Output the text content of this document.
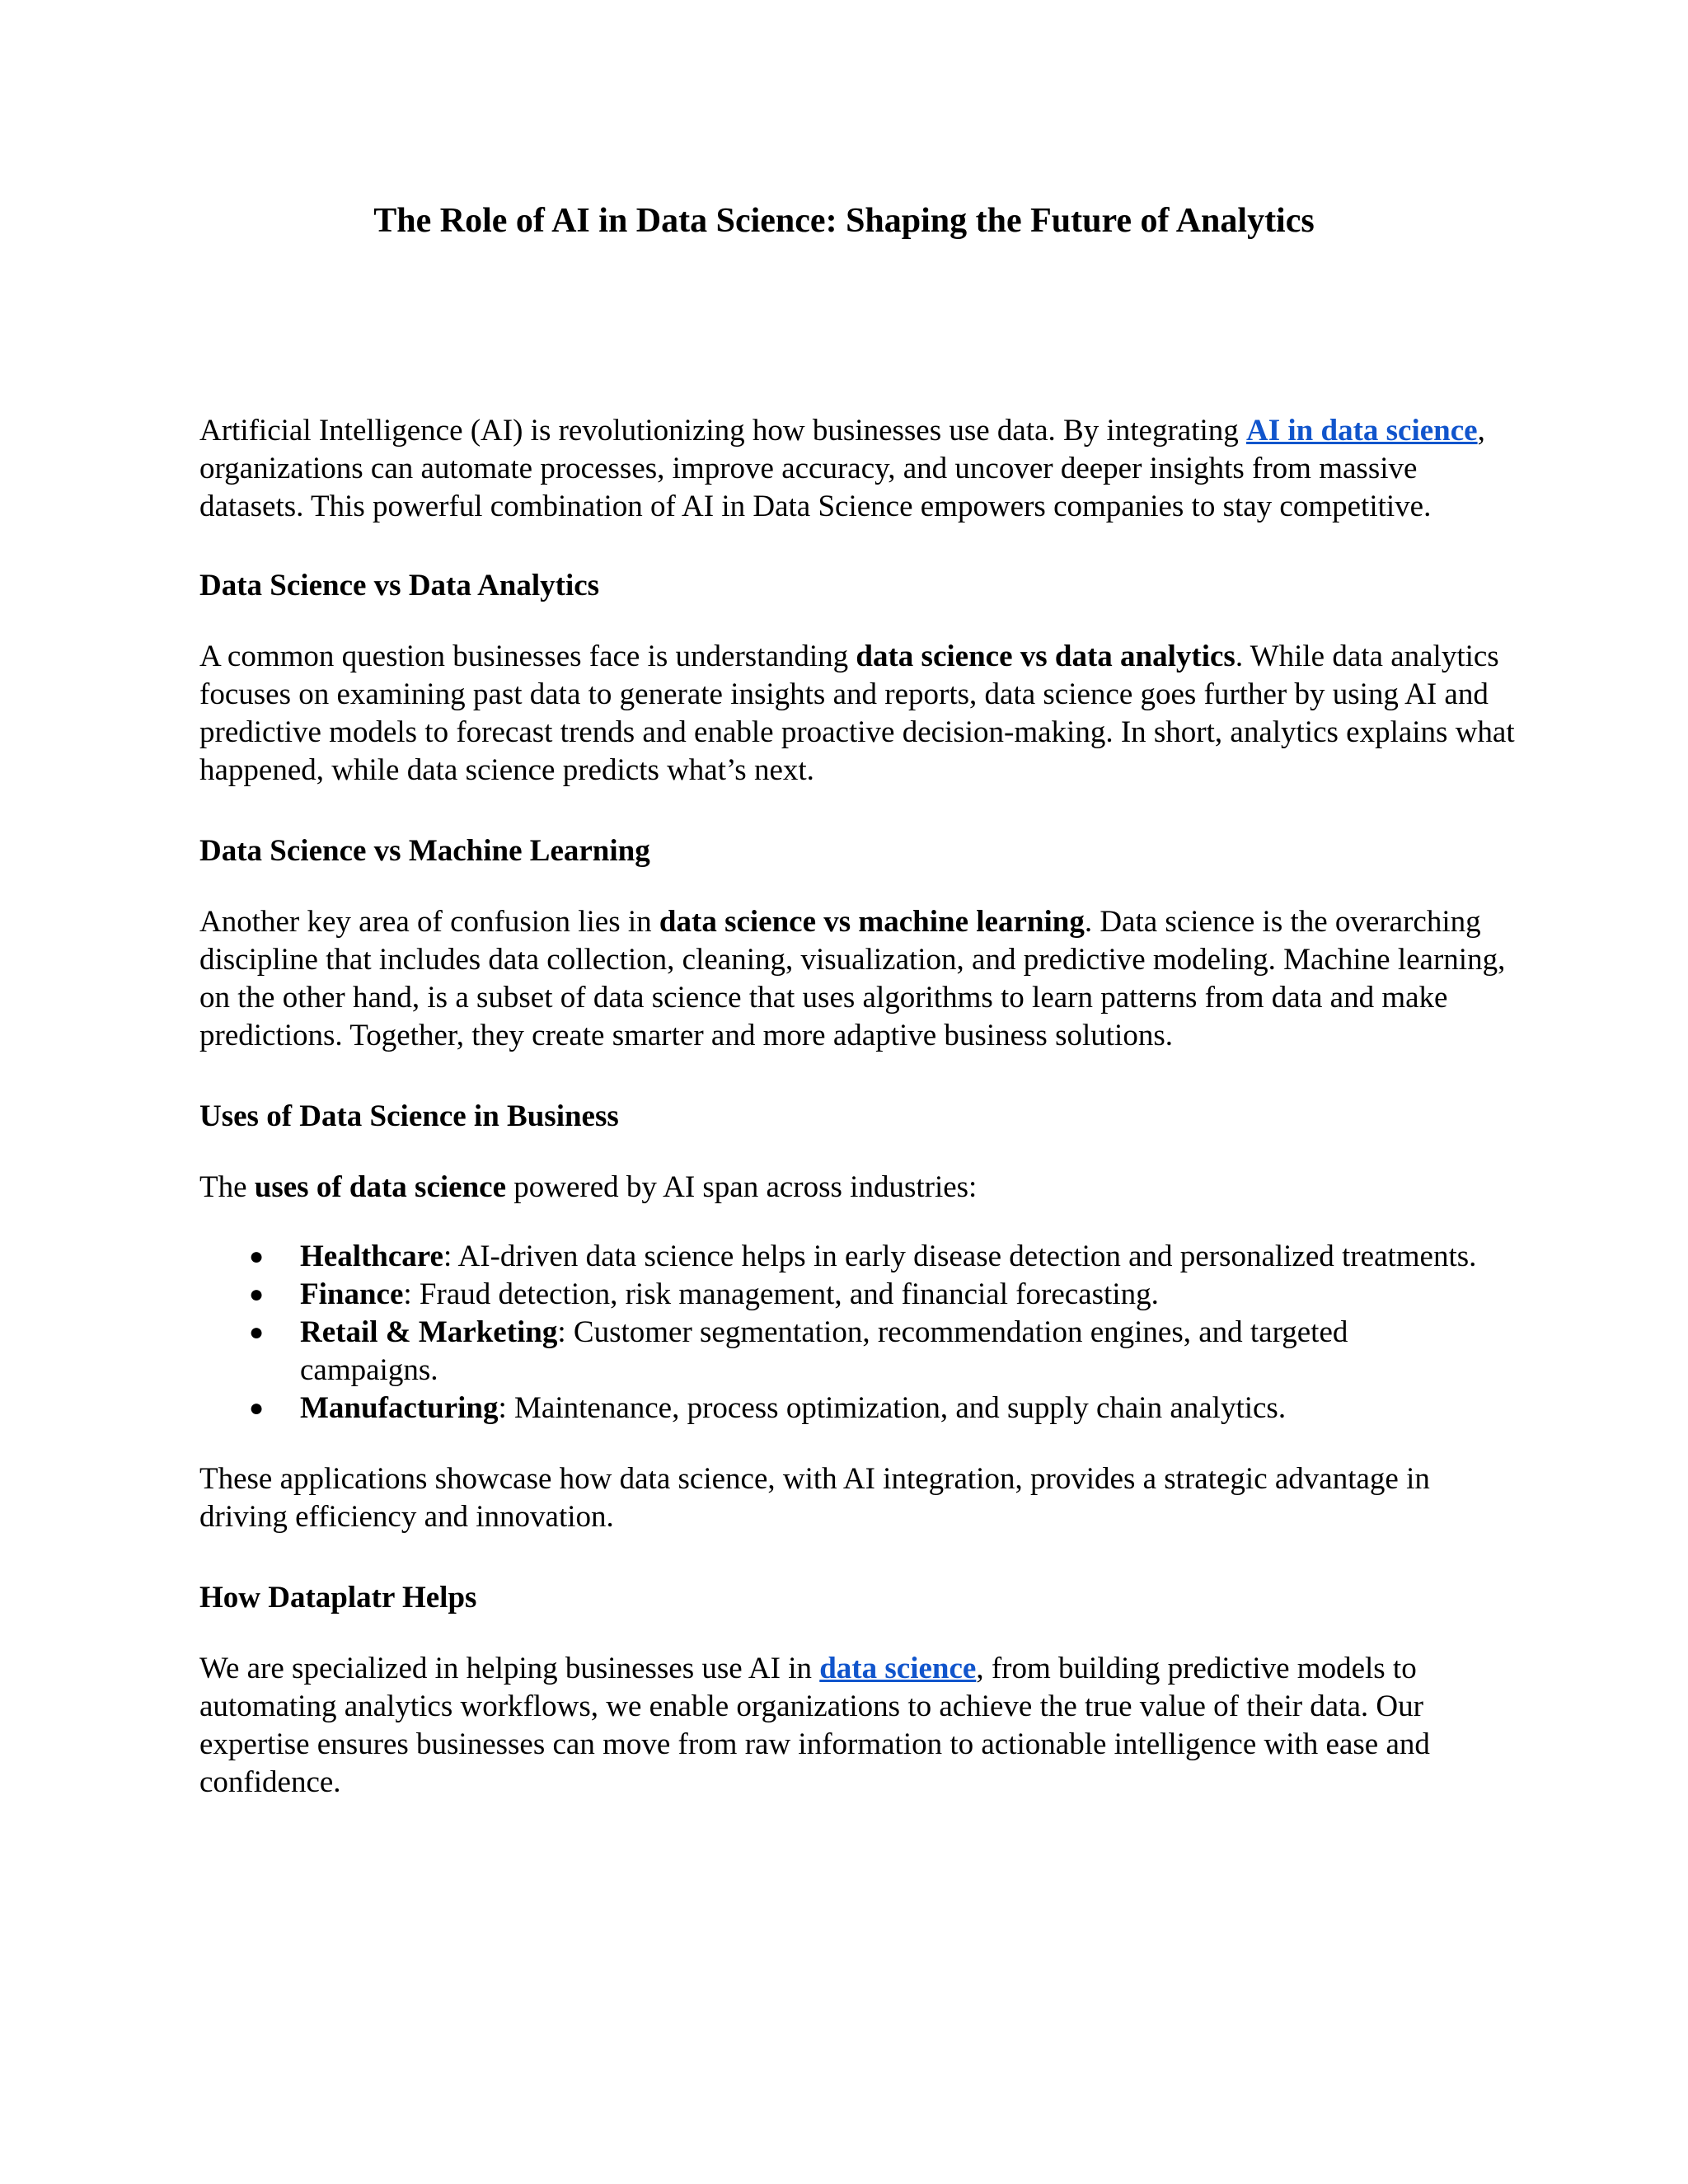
The Role of AI in Data Science: Shaping the Future of Analytics

Artificial Intelligence (AI) is revolutionizing how businesses use data. By integrating AI in data science, organizations can automate processes, improve accuracy, and uncover deeper insights from massive datasets. This powerful combination of AI in Data Science empowers companies to stay competitive.

Data Science vs Data Analytics

A common question businesses face is understanding data science vs data analytics. While data analytics focuses on examining past data to generate insights and reports, data science goes further by using AI and predictive models to forecast trends and enable proactive decision-making. In short, analytics explains what happened, while data science predicts what’s next.

Data Science vs Machine Learning

Another key area of confusion lies in data science vs machine learning. Data science is the overarching discipline that includes data collection, cleaning, visualization, and predictive modeling. Machine learning, on the other hand, is a subset of data science that uses algorithms to learn patterns from data and make predictions. Together, they create smarter and more adaptive business solutions.

Uses of Data Science in Business

The uses of data science powered by AI span across industries:

● Healthcare: AI-driven data science helps in early disease detection and personalized treatments.
● Finance: Fraud detection, risk management, and financial forecasting.
● Retail & Marketing: Customer segmentation, recommendation engines, and targeted campaigns.
● Manufacturing: Maintenance, process optimization, and supply chain analytics.

These applications showcase how data science, with AI integration, provides a strategic advantage in driving efficiency and innovation.

How Dataplatr Helps

We are specialized in helping businesses use AI in data science, from building predictive models to automating analytics workflows, we enable organizations to achieve the true value of their data. Our expertise ensures businesses can move from raw information to actionable intelligence with ease and confidence.
